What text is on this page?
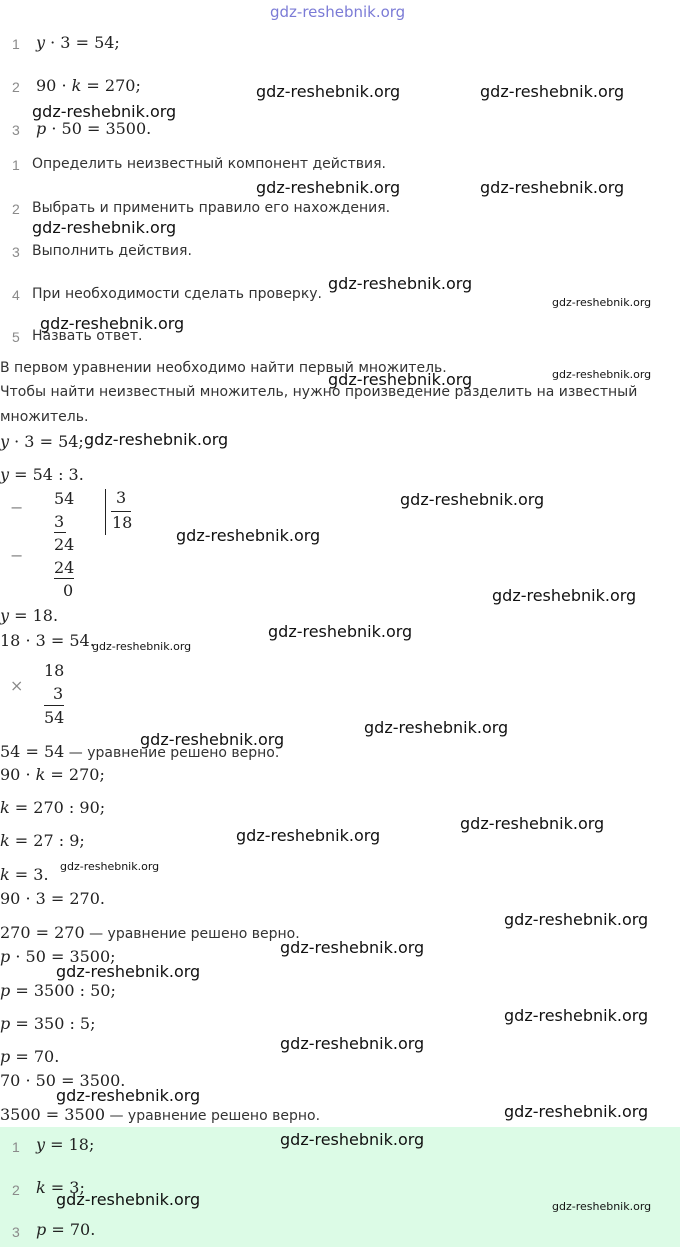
gdz-reshebnik.org
1 y · 3 = 54;
2 90 · k = 270;
3 p · 50 = 3500.
1 Определить неизвестный компонент действия.
2 Выбрать и применить правило его нахождения.
3 Выполнить действия.
4 При необходимости сделать проверку.
5 Назвать ответ.
В первом уравнении необходимо найти первый множитель.
Чтобы найти неизвестный множитель, нужно произведение разделить на известный
множитель.
y · 3 = 54;
y = 54 : 3.
− 54	3
18
3
24
−
24
0
y = 18.
18 · 3 = 54.
×
18
3
54
54 = 54 — уравнение решено верно.
90 · k = 270;
k = 270 : 90;
k = 27 : 9;
k = 3.
90 · 3 = 270.
270 = 270 — уравнение решено верно.
p · 50 = 3500;
p = 3500 : 50;
p = 350 : 5;
p = 70.
70 · 50 = 3500.
3500 = 3500 — уравнение решено верно.
1 y = 18;
2 k = 3;
3 p = 70.
gdz-reshebnik.org	gdz-reshebnik.org
gdz-reshebnik.org
gdz-reshebnik.org	gdz-reshebnik.org
gdz-reshebnik.org
gdz-reshebnik.org
gdz-reshebnik.org
gdz-reshebnik.org
gdz-reshebnik.org
gdz-reshebnik.org
gdz-reshebnik.org
gdz-reshebnik.org
gdz-reshebnik.org
gdz-reshebnik.org
gdz-reshebnik.org
gdz-reshebnik.org
gdz-reshebnik.org
gdz-reshebnik.org
gdz-reshebnik.org
gdz-reshebnik.org
gdz-reshebnik.org
gdz-reshebnik.org
gdz-reshebnik.org
gdz-reshebnik.org
gdz-reshebnik.org
gdz-reshebnik.org
gdz-reshebnik.org
gdz-reshebnik.org
gdz-reshebnik.org
gdz-reshebnik.org	gdz-reshebnik.org
